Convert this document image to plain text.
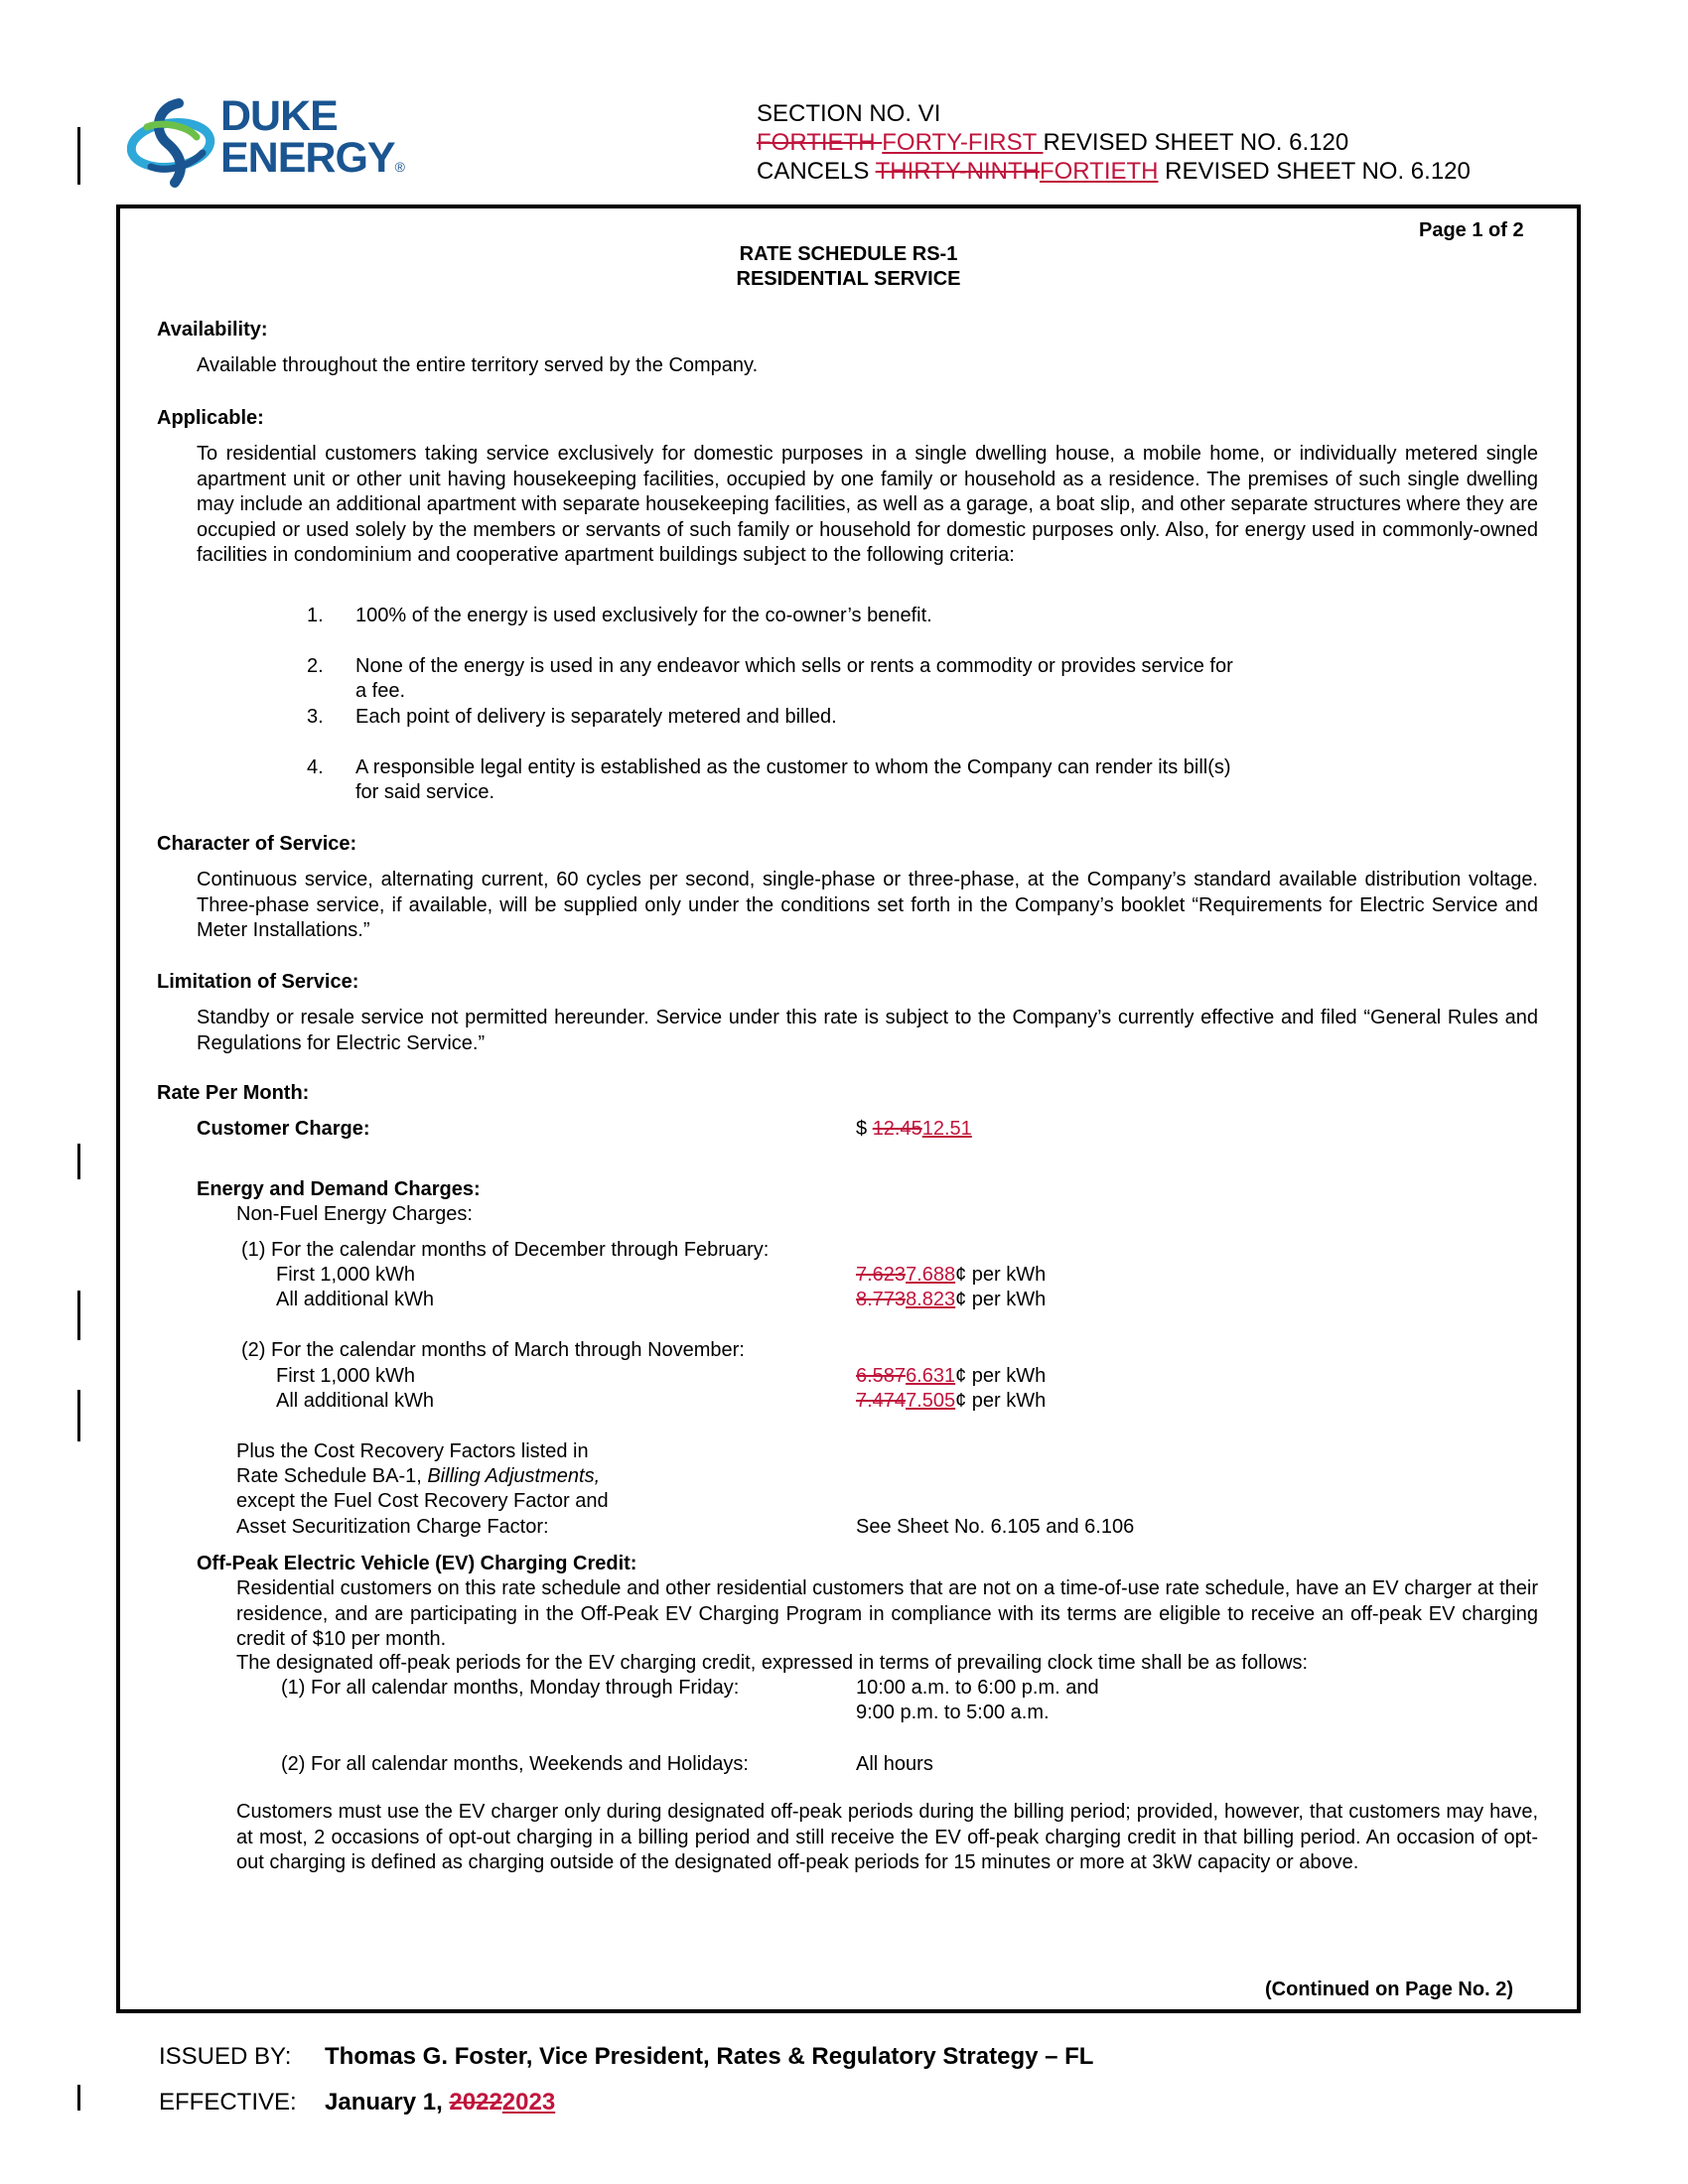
DUKE
ENERGY®
SECTION NO. VI
FORTIETH FORTY-FIRST REVISED SHEET NO. 6.120
CANCELS THIRTY-NINTHFORTIETH REVISED SHEET NO. 6.120
Page 1 of 2
RATE SCHEDULE RS-1
RESIDENTIAL SERVICE
Availability:
Available throughout the entire territory served by the Company.
Applicable:
To residential customers taking service exclusively for domestic purposes in a single dwelling house, a mobile home, or individually metered single apartment unit or other unit having housekeeping facilities, occupied by one family or household as a residence. The premises of such single dwelling may include an additional apartment with separate housekeeping facilities, as well as a garage, a boat slip, and other separate structures where they are occupied or used solely by the members or servants of such family or household for domestic purposes only. Also, for energy used in commonly-owned facilities in condominium and cooperative apartment buildings subject to the following criteria:
1. 100% of the energy is used exclusively for the co-owner’s benefit.
2. None of the energy is used in any endeavor which sells or rents a commodity or provides service for
a fee.
3. Each point of delivery is separately metered and billed.
4. A responsible legal entity is established as the customer to whom the Company can render its bill(s)
for said service.
Character of Service:
Continuous service, alternating current, 60 cycles per second, single-phase or three-phase, at the Company’s standard available distribution voltage. Three-phase service, if available, will be supplied only under the conditions set forth in the Company’s booklet “Requirements for Electric Service and Meter Installations.”
Limitation of Service:
Standby or resale service not permitted hereunder. Service under this rate is subject to the Company’s currently effective and filed “General Rules and Regulations for Electric Service.”
Rate Per Month:
Customer Charge:	$ 12.4512.51
Energy and Demand Charges:
Non-Fuel Energy Charges:
(1) For the calendar months of December through February:
First 1,000 kWh	7.6237.688¢ per kWh
All additional kWh	8.7738.823¢ per kWh
(2) For the calendar months of March through November:
First 1,000 kWh	6.5876.631¢ per kWh
All additional kWh	7.4747.505¢ per kWh
Plus the Cost Recovery Factors listed in
Rate Schedule BA-1, Billing Adjustments,
except the Fuel Cost Recovery Factor and
Asset Securitization Charge Factor:	See Sheet No. 6.105 and 6.106
Off-Peak Electric Vehicle (EV) Charging Credit:
Residential customers on this rate schedule and other residential customers that are not on a time-of-use rate schedule, have an EV charger at their residence, and are participating in the Off-Peak EV Charging Program in compliance with its terms are eligible to receive an off-peak EV charging credit of $10 per month.
The designated off-peak periods for the EV charging credit, expressed in terms of prevailing clock time shall be as follows:
(1) For all calendar months, Monday through Friday:	10:00 a.m. to 6:00 p.m. and
9:00 p.m. to 5:00 a.m.
(2) For all calendar months, Weekends and Holidays:	All hours
Customers must use the EV charger only during designated off-peak periods during the billing period; provided, however, that customers may have, at most, 2 occasions of opt-out charging in a billing period and still receive the EV off-peak charging credit in that billing period. An occasion of opt-out charging is defined as charging outside of the designated off-peak periods for 15 minutes or more at 3kW capacity or above.
(Continued on Page No. 2)
ISSUED BY: Thomas G. Foster, Vice President, Rates & Regulatory Strategy – FL
EFFECTIVE: January 1, 20222023
